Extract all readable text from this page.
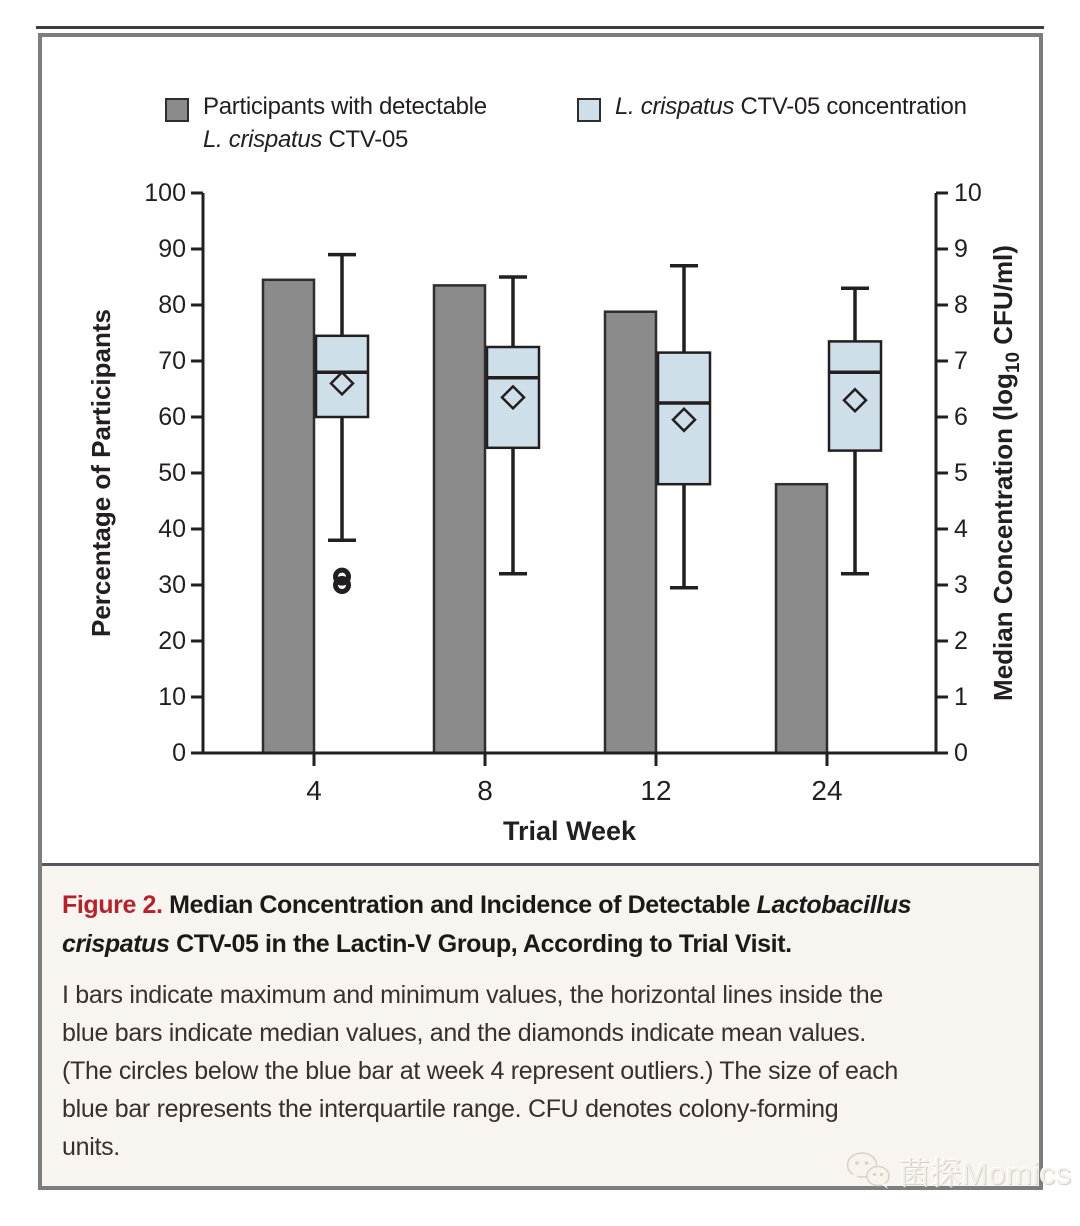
0
10
20
30
40
50
60
70
80
90
100
0
1
2
3
4
5
6
7
8
9
10
4	8	12	24
Trial Week
Percentage of Participants	Median Concentration ($\log_{10}$ CFU/ml)
Participants with detectable
L. crispatus CTV-05
L. crispatus CTV-05 concentration

Figure 2. Median Concentration and Incidence of Detectable Lactobacillus
crispatus CTV-05 in the Lactin-V Group, According to Trial Visit.

I bars indicate maximum and minimum values, the horizontal lines inside the
blue bars indicate median values, and the diamonds indicate mean values.
(The circles below the blue bar at week 4 represent outliers.) The size of each
blue bar represents the interquartile range. CFU denotes colony-forming
units.

菌探Momics
